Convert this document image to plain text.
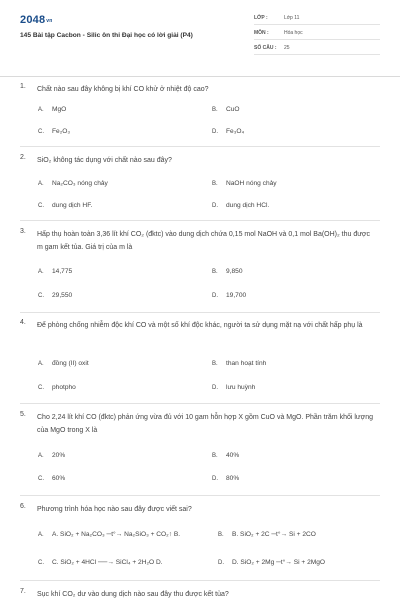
$2048_{vn}$
145 Bài tập Cacbon - Silic ôn thi Đại học có lời giải (P4)
LỚP :	Lớp 11
MÔN :	Hóa học
SỐ CÂU : 25
1. Chất nào sau đây không bị khí CO khử ở nhiệt độ cao?
A. MgO	B. CuO
C. Fe₂O₃	D. Fe₃O₄
2. SiO₂ không tác dụng với chất nào sau đây?
A. Na₂CO₃ nóng chảy	B. NaOH nóng chảy
C. dung dịch HF.	D. dung dịch HCl.
3. Hấp thụ hoàn toàn 3,36 lít khí CO₂ (đktc) vào dung dịch chứa 0,15 mol NaOH và 0,1 mol Ba(OH)₂ thu được m gam kết tủa. Giá trị của m là
A. 14,775	B. 9,850
C. 29,550	D. 19,700
4. Để phòng chống nhiễm độc khí CO và một số khí độc khác, người ta sử dụng mặt nạ với chất hấp phụ là
A. đồng (II) oxit	B. than hoạt tính
C. photpho	D. lưu huỳnh
5. Cho 2,24 lít khí CO (đktc) phản ứng vừa đủ với 10 gam hỗn hợp X gồm CuO và MgO. Phần trăm khối lượng của MgO trong X là
A. 20%	B. 40%
C. 60%	D. 80%
6. Phương trình hóa học nào sau đây được viết sai?
A. A. SiO₂ + Na₂CO₃ ─t°→ Na₂SiO₃ + CO₂↑ B.	B. B. SiO₂ + 2C ─t°→ Si + 2CO
C. C. SiO₂ + 4HCl ──→ SiCl₄ + 2H₂O D.	D. D. SiO₂ + 2Mg ─t°→ Si + 2MgO
7. Sục khí CO₂ dư vào dung dịch nào sau đây thu được kết tủa?
